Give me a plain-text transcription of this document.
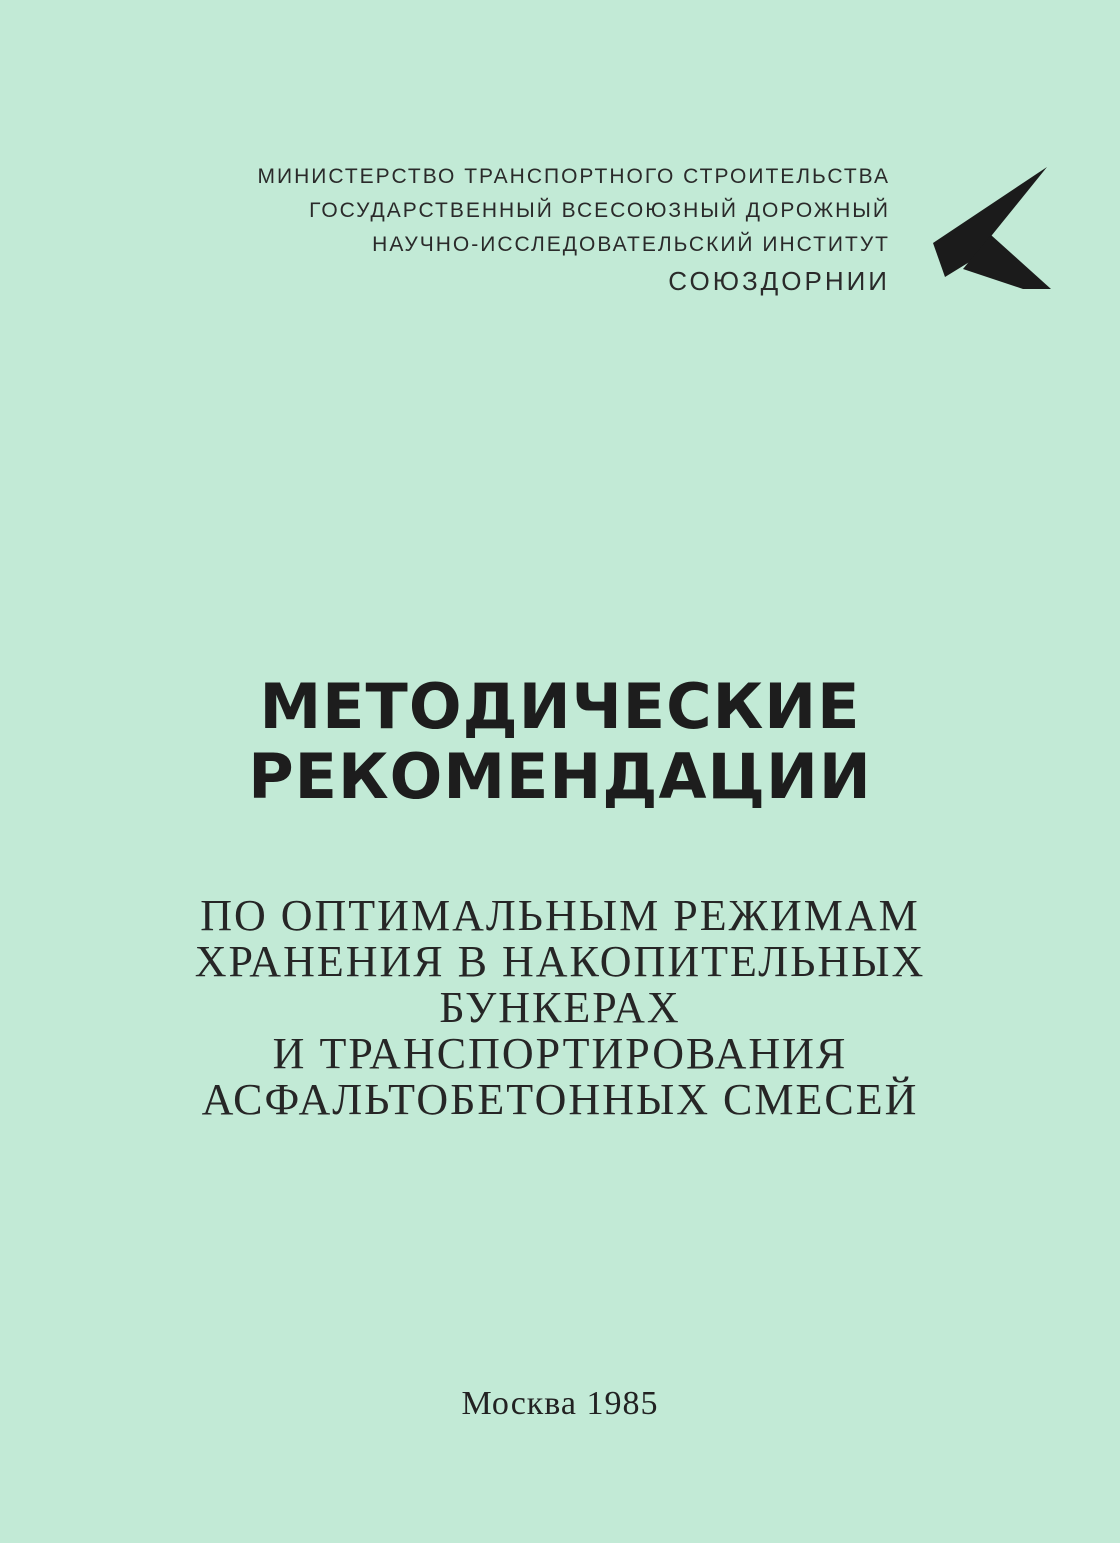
МИНИСТЕРСТВО ТРАНСПОРТНОГО СТРОИТЕЛЬСТВА
ГОСУДАРСТВЕННЫЙ ВСЕСОЮЗНЫЙ ДОРОЖНЫЙ
НАУЧНО-ИССЛЕДОВАТЕЛЬСКИЙ ИНСТИТУТ
СОЮЗДОРНИИ
МЕТОДИЧЕСКИЕ
РЕКОМЕНДАЦИИ
ПО ОПТИМАЛЬНЫМ РЕЖИМАМ
ХРАНЕНИЯ В НАКОПИТЕЛЬНЫХ
БУНКЕРАХ
И ТРАНСПОРТИРОВАНИЯ
АСФАЛЬТОБЕТОННЫХ СМЕСЕЙ
Москва 1985
